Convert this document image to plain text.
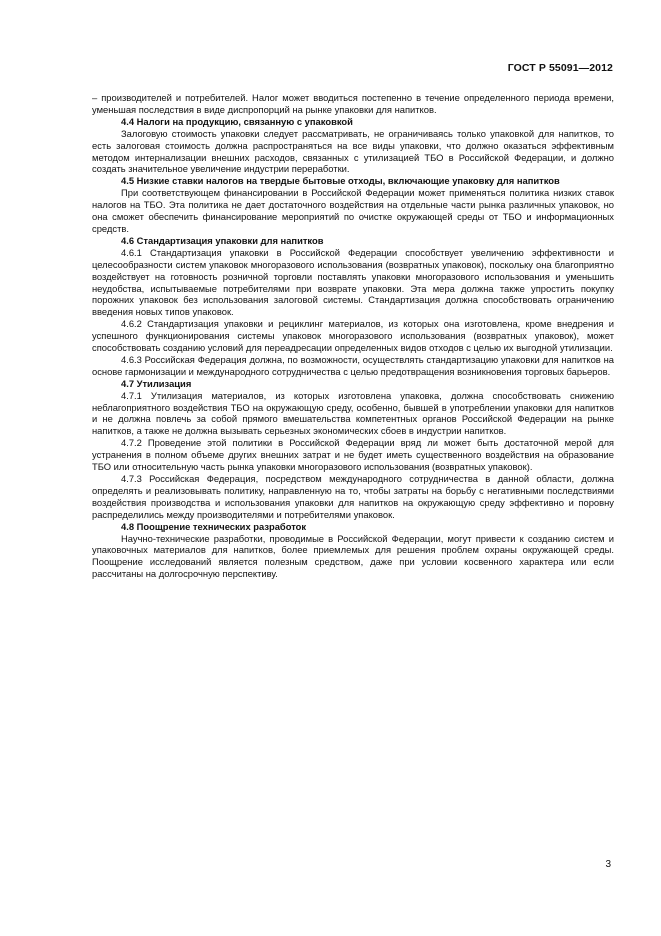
ГОСТ Р 55091—2012

– производителей и потребителей. Налог может вводиться постепенно в течение определенного периода времени, уменьшая последствия в виде диспропорций на рынке упаковки для напитков.

4.4 Налоги на продукцию, связанную с упаковкой

Залоговую стоимость упаковки следует рассматривать, не ограничиваясь только упаковкой для напитков, то есть залоговая стоимость должна распространяться на все виды упаковки, что должно оказаться эффективным методом интернализации внешних расходов, связанных с утилизацией ТБО в Российской Федерации, и должно создать значительное увеличение индустрии переработки.

4.5 Низкие ставки налогов на твердые бытовые отходы, включающие упаковку для напитков

При соответствующем финансировании в Российской Федерации может применяться политика низких ставок налогов на ТБО. Эта политика не дает достаточного воздействия на отдельные части рынка различных упаковок, но она сможет обеспечить финансирование мероприятий по очистке окружающей среды от ТБО и информационных средств.

4.6 Стандартизация упаковки для напитков

4.6.1 Стандартизация упаковки в Российской Федерации способствует увеличению эффективности и целесообразности систем упаковок многоразового использования (возвратных упаковок), поскольку она благоприятно воздействует на готовность розничной торговли поставлять упаковки многоразового использования и уменьшить неудобства, испытываемые потребителями при возврате упаковки. Эта мера должна также упростить покупку порожних упаковок без использования залоговой системы. Стандартизация должна способствовать ограничению введения новых типов упаковок.

4.6.2 Стандартизация упаковки и рециклинг материалов, из которых она изготовлена, кроме внедрения и успешного функционирования системы упаковок многоразового использования (возвратных упаковок), может способствовать созданию условий для переадресации определенных видов отходов с целью их выгодной утилизации.

4.6.3 Российская Федерация должна, по возможности, осуществлять стандартизацию упаковки для напитков на основе гармонизации и международного сотрудничества с целью предотвращения возникновения торговых барьеров.

4.7 Утилизация

4.7.1 Утилизация материалов, из которых изготовлена упаковка, должна способствовать снижению неблагоприятного воздействия ТБО на окружающую среду, особенно, бывшей в употреблении упаковки для напитков и не должна повлечь за собой прямого вмешательства компетентных органов Российской Федерации на рынке напитков, а также не должна вызывать серьезных экономических сбоев в индустрии напитков.

4.7.2 Проведение этой политики в Российской Федерации вряд ли может быть достаточной мерой для устранения в полном объеме других внешних затрат и не будет иметь существенного воздействия на образование ТБО или относительную часть рынка упаковки многоразового использования (возвратных упаковок).

4.7.3 Российская Федерация, посредством международного сотрудничества в данной области, должна определять и реализовывать политику, направленную на то, чтобы затраты на борьбу с негативными последствиями воздействия производства и использования упаковки для напитков на окружающую среду эффективно и поровну распределились между производителями и потребителями упаковок.

4.8 Поощрение технических разработок

Научно-технические разработки, проводимые в Российской Федерации, могут привести к созданию систем и упаковочных материалов для напитков, более приемлемых для решения проблем охраны окружающей среды. Поощрение исследований является полезным средством, даже при условии косвенного характера или если рассчитаны на долгосрочную перспективу.

3
